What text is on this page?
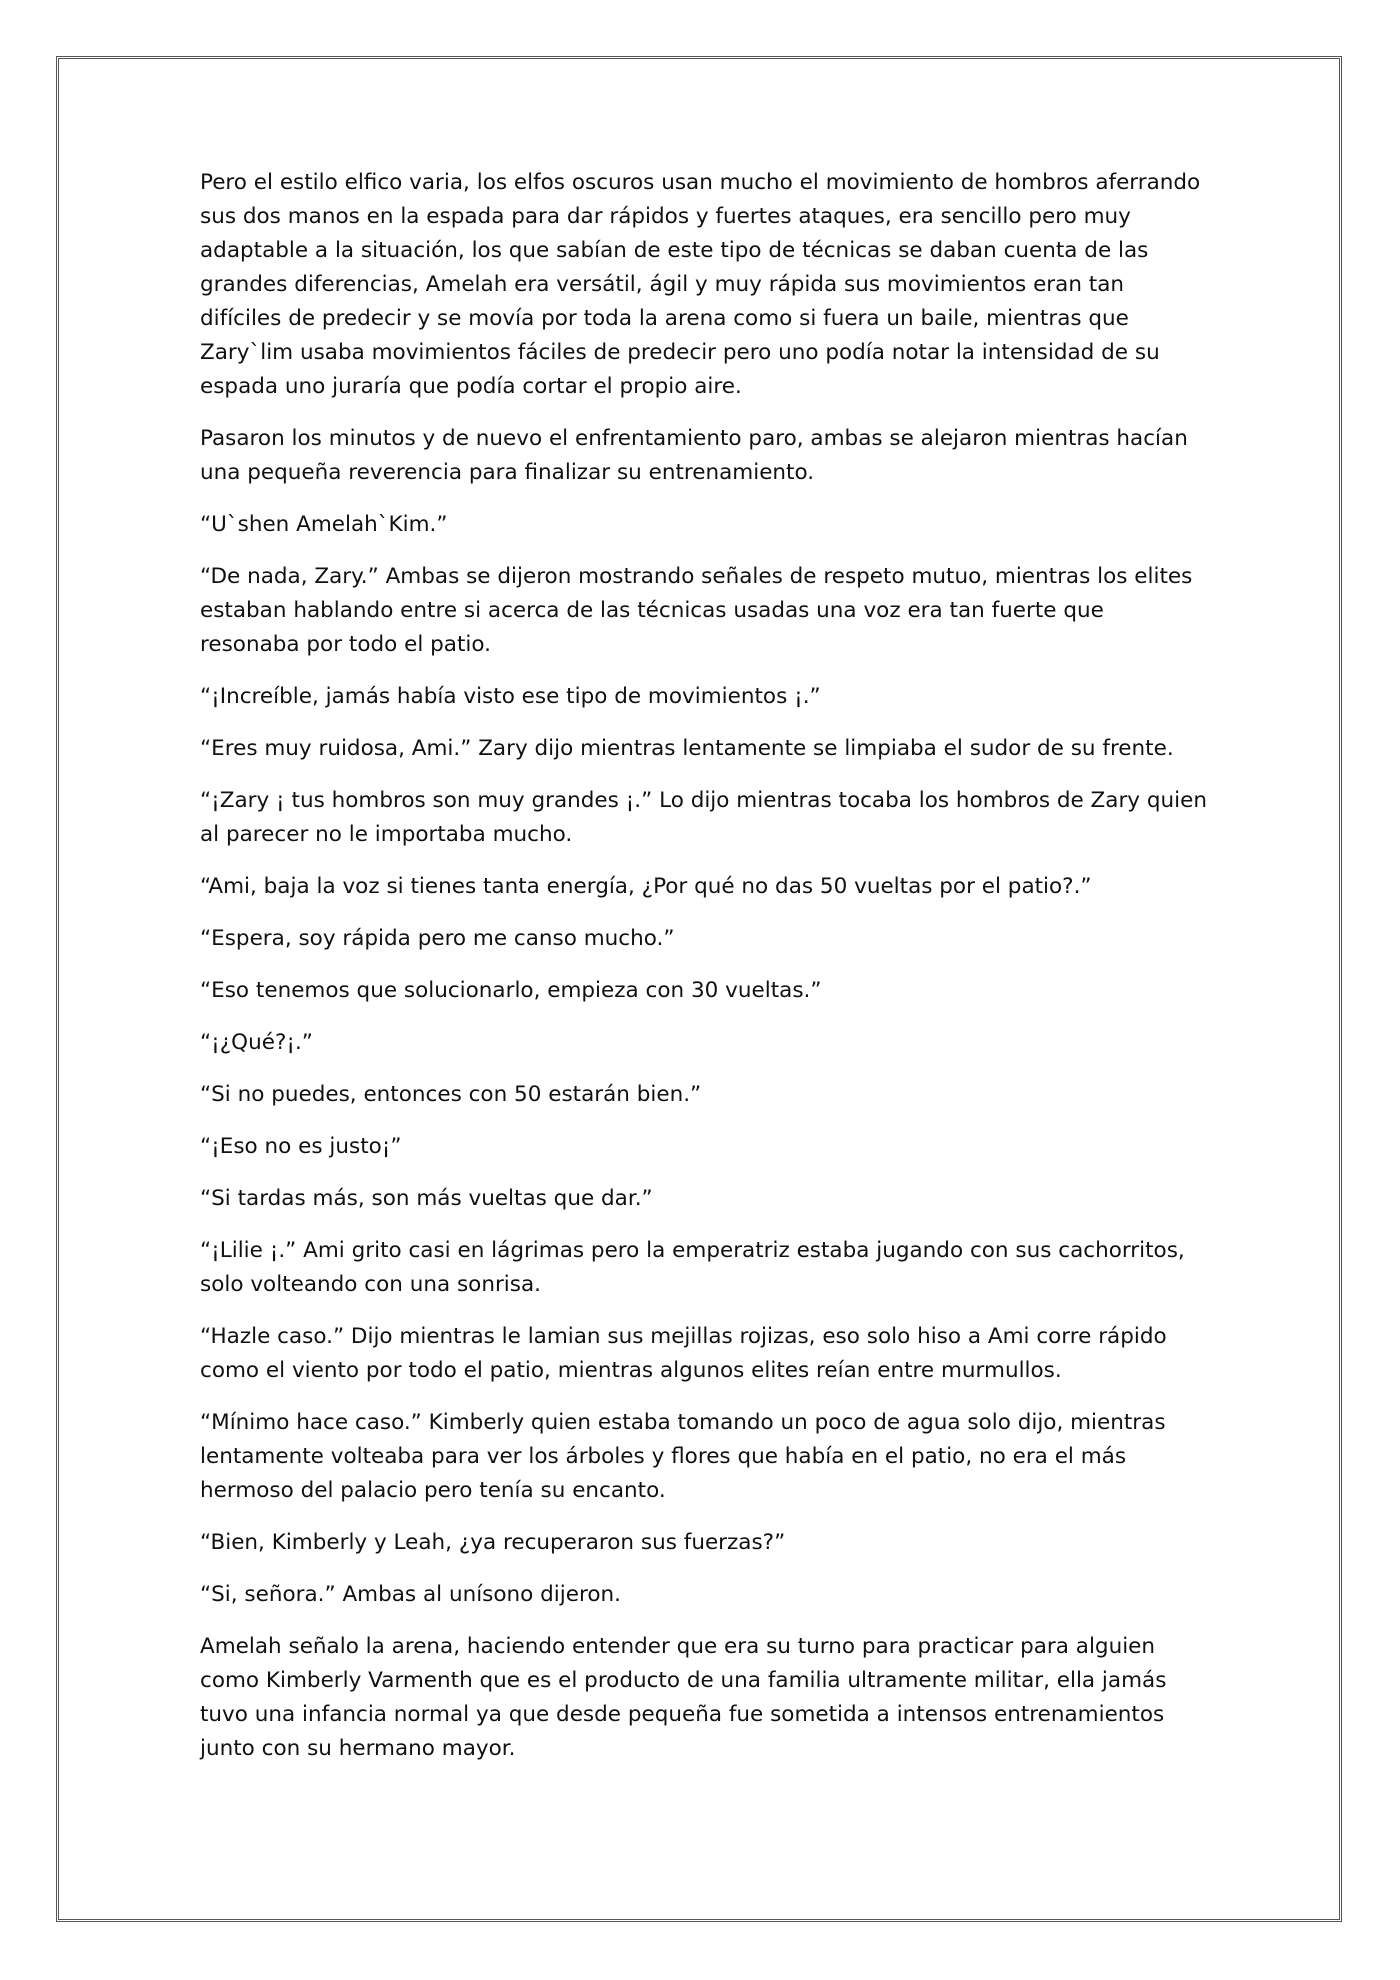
Pero el estilo elfico varia, los elfos oscuros usan mucho el movimiento de hombros aferrando sus dos manos en la espada para dar rápidos y fuertes ataques, era sencillo pero muy adaptable a la situación, los que sabían de este tipo de técnicas se daban cuenta de las grandes diferencias, Amelah era versátil, ágil y muy rápida sus movimientos eran tan difíciles de predecir y se movía por toda la arena como si fuera un baile, mientras que Zary`lim usaba movimientos fáciles de predecir pero uno podía notar la intensidad de su espada uno juraría que podía cortar el propio aire.

Pasaron los minutos y de nuevo el enfrentamiento paro, ambas se alejaron mientras hacían una pequeña reverencia para finalizar su entrenamiento.

“U`shen Amelah`Kim.”

“De nada, Zary.” Ambas se dijeron mostrando señales de respeto mutuo, mientras los elites estaban hablando entre si acerca de las técnicas usadas una voz era tan fuerte que resonaba por todo el patio.

“¡Increíble, jamás había visto ese tipo de movimientos ¡.”

“Eres muy ruidosa, Ami.” Zary dijo mientras lentamente se limpiaba el sudor de su frente.

“¡Zary ¡ tus hombros son muy grandes ¡.” Lo dijo mientras tocaba los hombros de Zary quien al parecer no le importaba mucho.

“Ami, baja la voz si tienes tanta energía, ¿Por qué no das 50 vueltas por el patio?.”

“Espera, soy rápida pero me canso mucho.”

“Eso tenemos que solucionarlo, empieza con 30 vueltas.”

“¡¿Qué?¡.”

“Si no puedes, entonces con 50 estarán bien.”

“¡Eso no es justo¡”

“Si tardas más, son más vueltas que dar.”

“¡Lilie ¡.” Ami grito casi en lágrimas pero la emperatriz estaba jugando con sus cachorritos, solo volteando con una sonrisa.

“Hazle caso.” Dijo mientras le lamian sus mejillas rojizas, eso solo hiso a Ami corre rápido como el viento por todo el patio, mientras algunos elites reían entre murmullos.

“Mínimo hace caso.” Kimberly quien estaba tomando un poco de agua solo dijo, mientras lentamente volteaba para ver los árboles y flores que había en el patio, no era el más hermoso del palacio pero tenía su encanto.

“Bien, Kimberly y Leah, ¿ya recuperaron sus fuerzas?”

“Si, señora.” Ambas al unísono dijeron.

Amelah señalo la arena, haciendo entender que era su turno para practicar para alguien como Kimberly Varmenth que es el producto de una familia ultramente militar, ella jamás tuvo una infancia normal ya que desde pequeña fue sometida a intensos entrenamientos junto con su hermano mayor.
